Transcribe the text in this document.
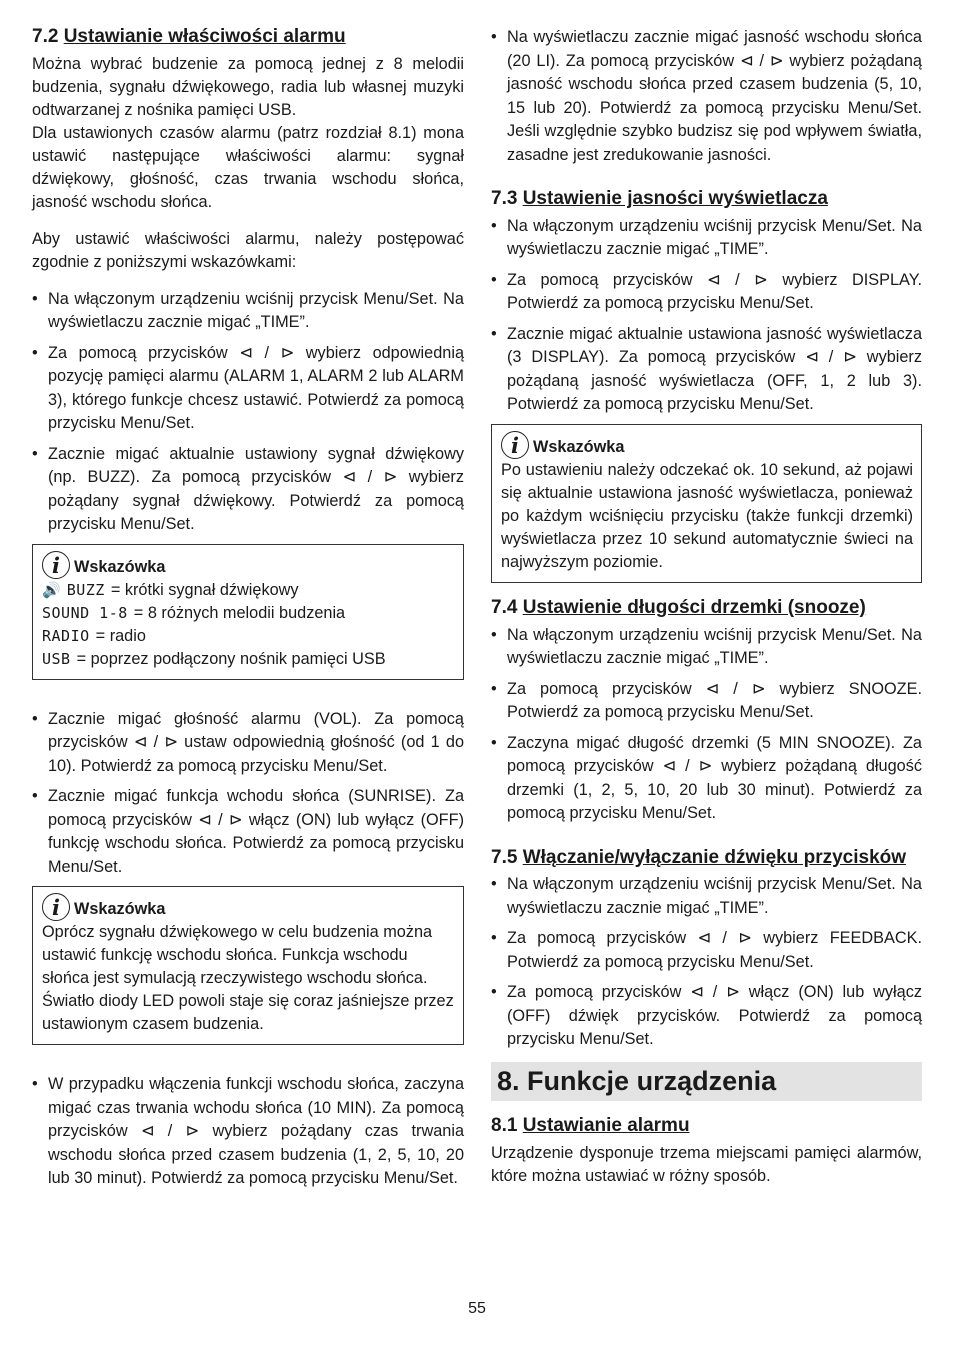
7.2 Ustawianie właściwości alarmu

Można wybrać budzenie za pomocą jednej z 8 melodii budzenia, sygnału dźwiękowego, radia lub własnej muzyki odtwarzanej z nośnika pamięci USB.

Dla ustawionych czasów alarmu (patrz rozdział 8.1) mona ustawić następujące właściwości alarmu: sygnał dźwiękowy, głośność, czas trwania wschodu słońca, jasność wschodu słońca.

Aby ustawić właściwości alarmu, należy postępować zgodnie z poniższymi wskazówkami:

• Na włączonym urządzeniu wciśnij przycisk Menu/Set. Na wyświetlaczu zacznie migać „TIME”.
• Za pomocą przycisków ⊲ / ⊳ wybierz odpowiednią pozycję pamięci alarmu (ALARM 1, ALARM 2 lub ALARM 3), którego funkcje chcesz ustawić. Potwierdź za pomocą przycisku Menu/Set.
• Zacznie migać aktualnie ustawiony sygnał dźwiękowy (np. BUZZ). Za pomocą przycisków ⊲ / ⊳ wybierz pożądany sygnał dźwiękowy. Potwierdź za pomocą przycisku Menu/Set.
i Wskazówka
🔊 BUZZ = krótki sygnał dźwiękowy
SOUND 1-8 = 8 różnych melodii budzenia
RADIO = radio
USB = poprzez podłączony nośnik pamięci USB
• Zacznie migać głośność alarmu (VOL). Za pomocą przycisków ⊲ / ⊳ ustaw odpowiednią głośność (od 1 do 10). Potwierdź za pomocą przycisku Menu/Set.
• Zacznie migać funkcja wchodu słońca (SUNRISE). Za pomocą przycisków ⊲ / ⊳ włącz (ON) lub wyłącz (OFF) funkcję wschodu słońca. Potwierdź za pomocą przycisku Menu/Set.
i Wskazówka

Oprócz sygnału dźwiękowego w celu budzenia można ustawić funkcję wschodu słońca. Funkcja wschodu słońca jest symulacją rzeczywistego wschodu słońca. Światło diody LED powoli staje się coraz jaśniejsze przez ustawionym czasem budzenia.

• W przypadku włączenia funkcji wschodu słońca, zaczyna migać czas trwania wchodu słońca (10 MIN). Za pomocą przycisków ⊲ / ⊳ wybierz pożądany czas trwania wschodu słońca przed czasem budzenia (1, 2, 5, 10, 20 lub 30 minut). Potwierdź za pomocą przycisku Menu/Set.
• Na wyświetlaczu zacznie migać jasność wschodu słońca (20 LI). Za pomocą przycisków ⊲ / ⊳ wybierz pożądaną jasność wschodu słońca przed czasem budzenia (5, 10, 15 lub 20). Potwierdź za pomocą przycisku Menu/Set. Jeśli względnie szybko budzisz się pod wpływem światła, zasadne jest zredukowanie jasności.
7.3 Ustawienie jasności wyświetlacza
• Na włączonym urządzeniu wciśnij przycisk Menu/Set. Na wyświetlaczu zacznie migać „TIME”.
• Za pomocą przycisków ⊲ / ⊳ wybierz DISPLAY. Potwierdź za pomocą przycisku Menu/Set.
• Zacznie migać aktualnie ustawiona jasność wyświetlacza (3 DISPLAY). Za pomocą przycisków ⊲ / ⊳ wybierz pożądaną jasność wyświetlacza (OFF, 1, 2 lub 3). Potwierdź za pomocą przycisku Menu/Set.
i Wskazówka

Po ustawieniu należy odczekać ok. 10 sekund, aż pojawi się aktualnie ustawiona jasność wyświetlacza, ponieważ po każdym wciśnięciu przycisku (także funkcji drzemki) wyświetlacza przez 10 sekund automatycznie świeci na najwyższym poziomie.

7.4 Ustawienie długości drzemki (snooze)
• Na włączonym urządzeniu wciśnij przycisk Menu/Set. Na wyświetlaczu zacznie migać „TIME”.
• Za pomocą przycisków ⊲ / ⊳ wybierz SNOOZE. Potwierdź za pomocą przycisku Menu/Set.
• Zaczyna migać długość drzemki (5 MIN SNOOZE). Za pomocą przycisków ⊲ / ⊳ wybierz pożądaną długość drzemki (1, 2, 5, 10, 20 lub 30 minut). Potwierdź za pomocą przycisku Menu/Set.
7.5 Włączanie/wyłączanie dźwięku przycisków
• Na włączonym urządzeniu wciśnij przycisk Menu/Set. Na wyświetlaczu zacznie migać „TIME”.
• Za pomocą przycisków ⊲ / ⊳ wybierz FEEDBACK. Potwierdź za pomocą przycisku Menu/Set.
• Za pomocą przycisków ⊲ / ⊳ włącz (ON) lub wyłącz (OFF) dźwięk przycisków. Potwierdź za pomocą przycisku Menu/Set.
8. Funkcje urządzenia
8.1 Ustawianie alarmu

Urządzenie dysponuje trzema miejscami pamięci alarmów, które można ustawiać w różny sposób.

55
